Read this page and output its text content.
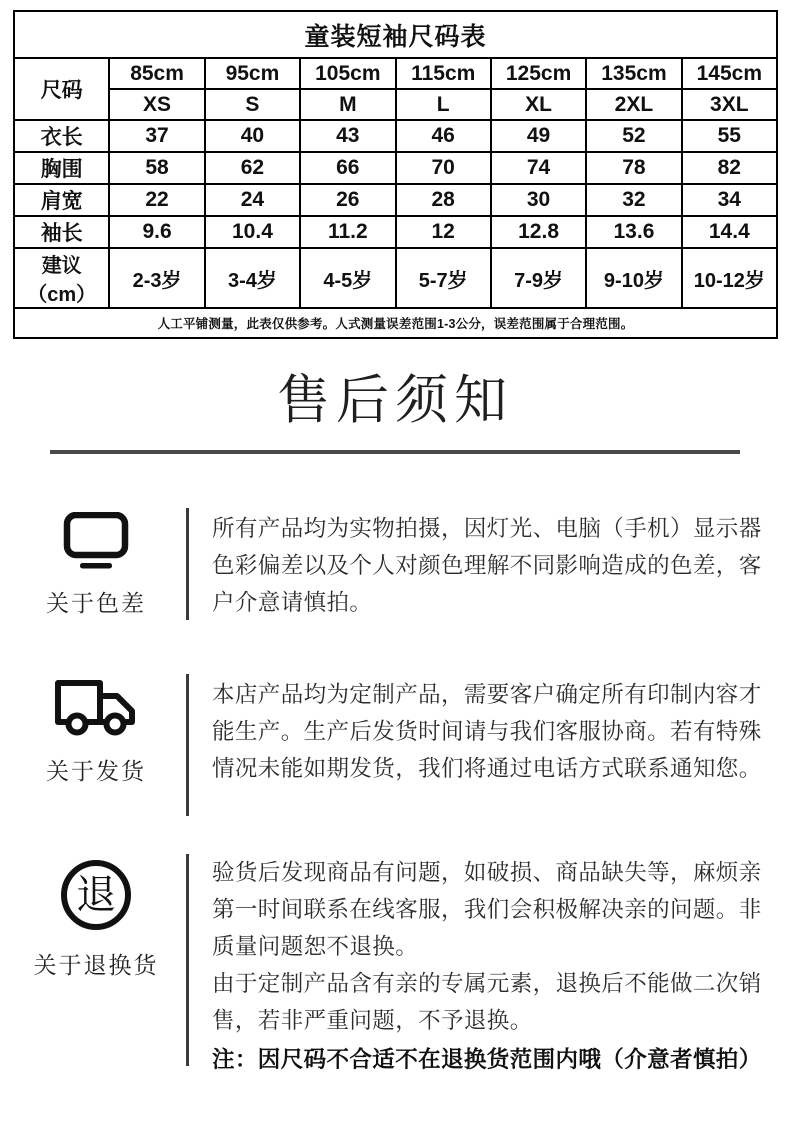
童装短袖尺码表							
尺码	85cm	95cm	105cm	115cm	125cm	135cm	145cm
	XS	S	M	L	XL	2XL	3XL
衣长	37	40	43	46	49	52	55
胸围	58	62	66	70	74	78	82
肩宽	22	24	26	28	30	32	34
袖长	9.6	10.4	11.2	12	12.8	13.6	14.4
建议（cm）	2-3岁	3-4岁	4-5岁	5-7岁	7-9岁	9-10岁	10-12岁
人工平铺测量，此表仅供参考。人式测量误差范围1-3公分，误差范围属于合理范围。							
售后须知
关于色差

所有产品均为实物拍摄，因灯光、电脑（手机）显示器色彩偏差以及个人对颜色理解不同影响造成的色差，客户介意请慎拍。

关于发货

本店产品均为定制产品，需要客户确定所有印制内容才能生产。生产后发货时间请与我们客服协商。若有特殊情况未能如期发货，我们将通过电话方式联系通知您。

退
关于退换货

验货后发现商品有问题，如破损、商品缺失等，麻烦亲第一时间联系在线客服，我们会积极解决亲的问题。非质量问题恕不退换。

由于定制产品含有亲的专属元素，退换后不能做二次销售，若非严重问题，不予退换。

注：因尺码不合适不在退换货范围内哦（介意者慎拍）
